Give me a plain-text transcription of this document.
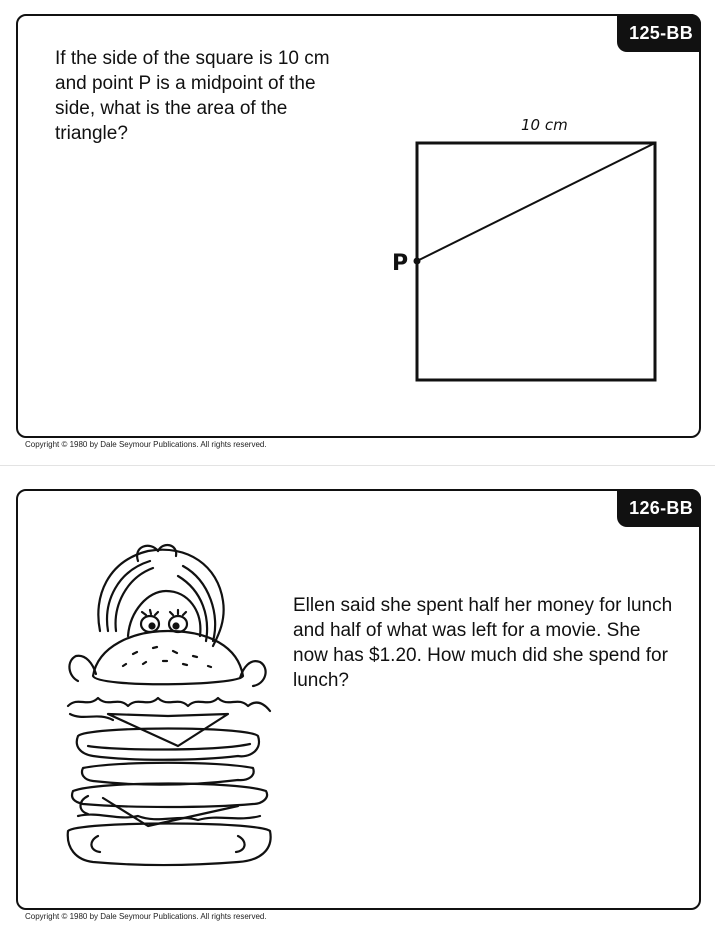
125-BB
If the side of the square is 10 cm and point P is a midpoint of the side, what is the area of the triangle?	10 cm
P
Copyright © 1980 by Dale Seymour Publications. All rights reserved.
126-BB
Ellen said she spent half her money for lunch and half of what was left for a movie. She now has $1.20. How much did she spend for lunch?
Copyright © 1980 by Dale Seymour Publications. All rights reserved.
